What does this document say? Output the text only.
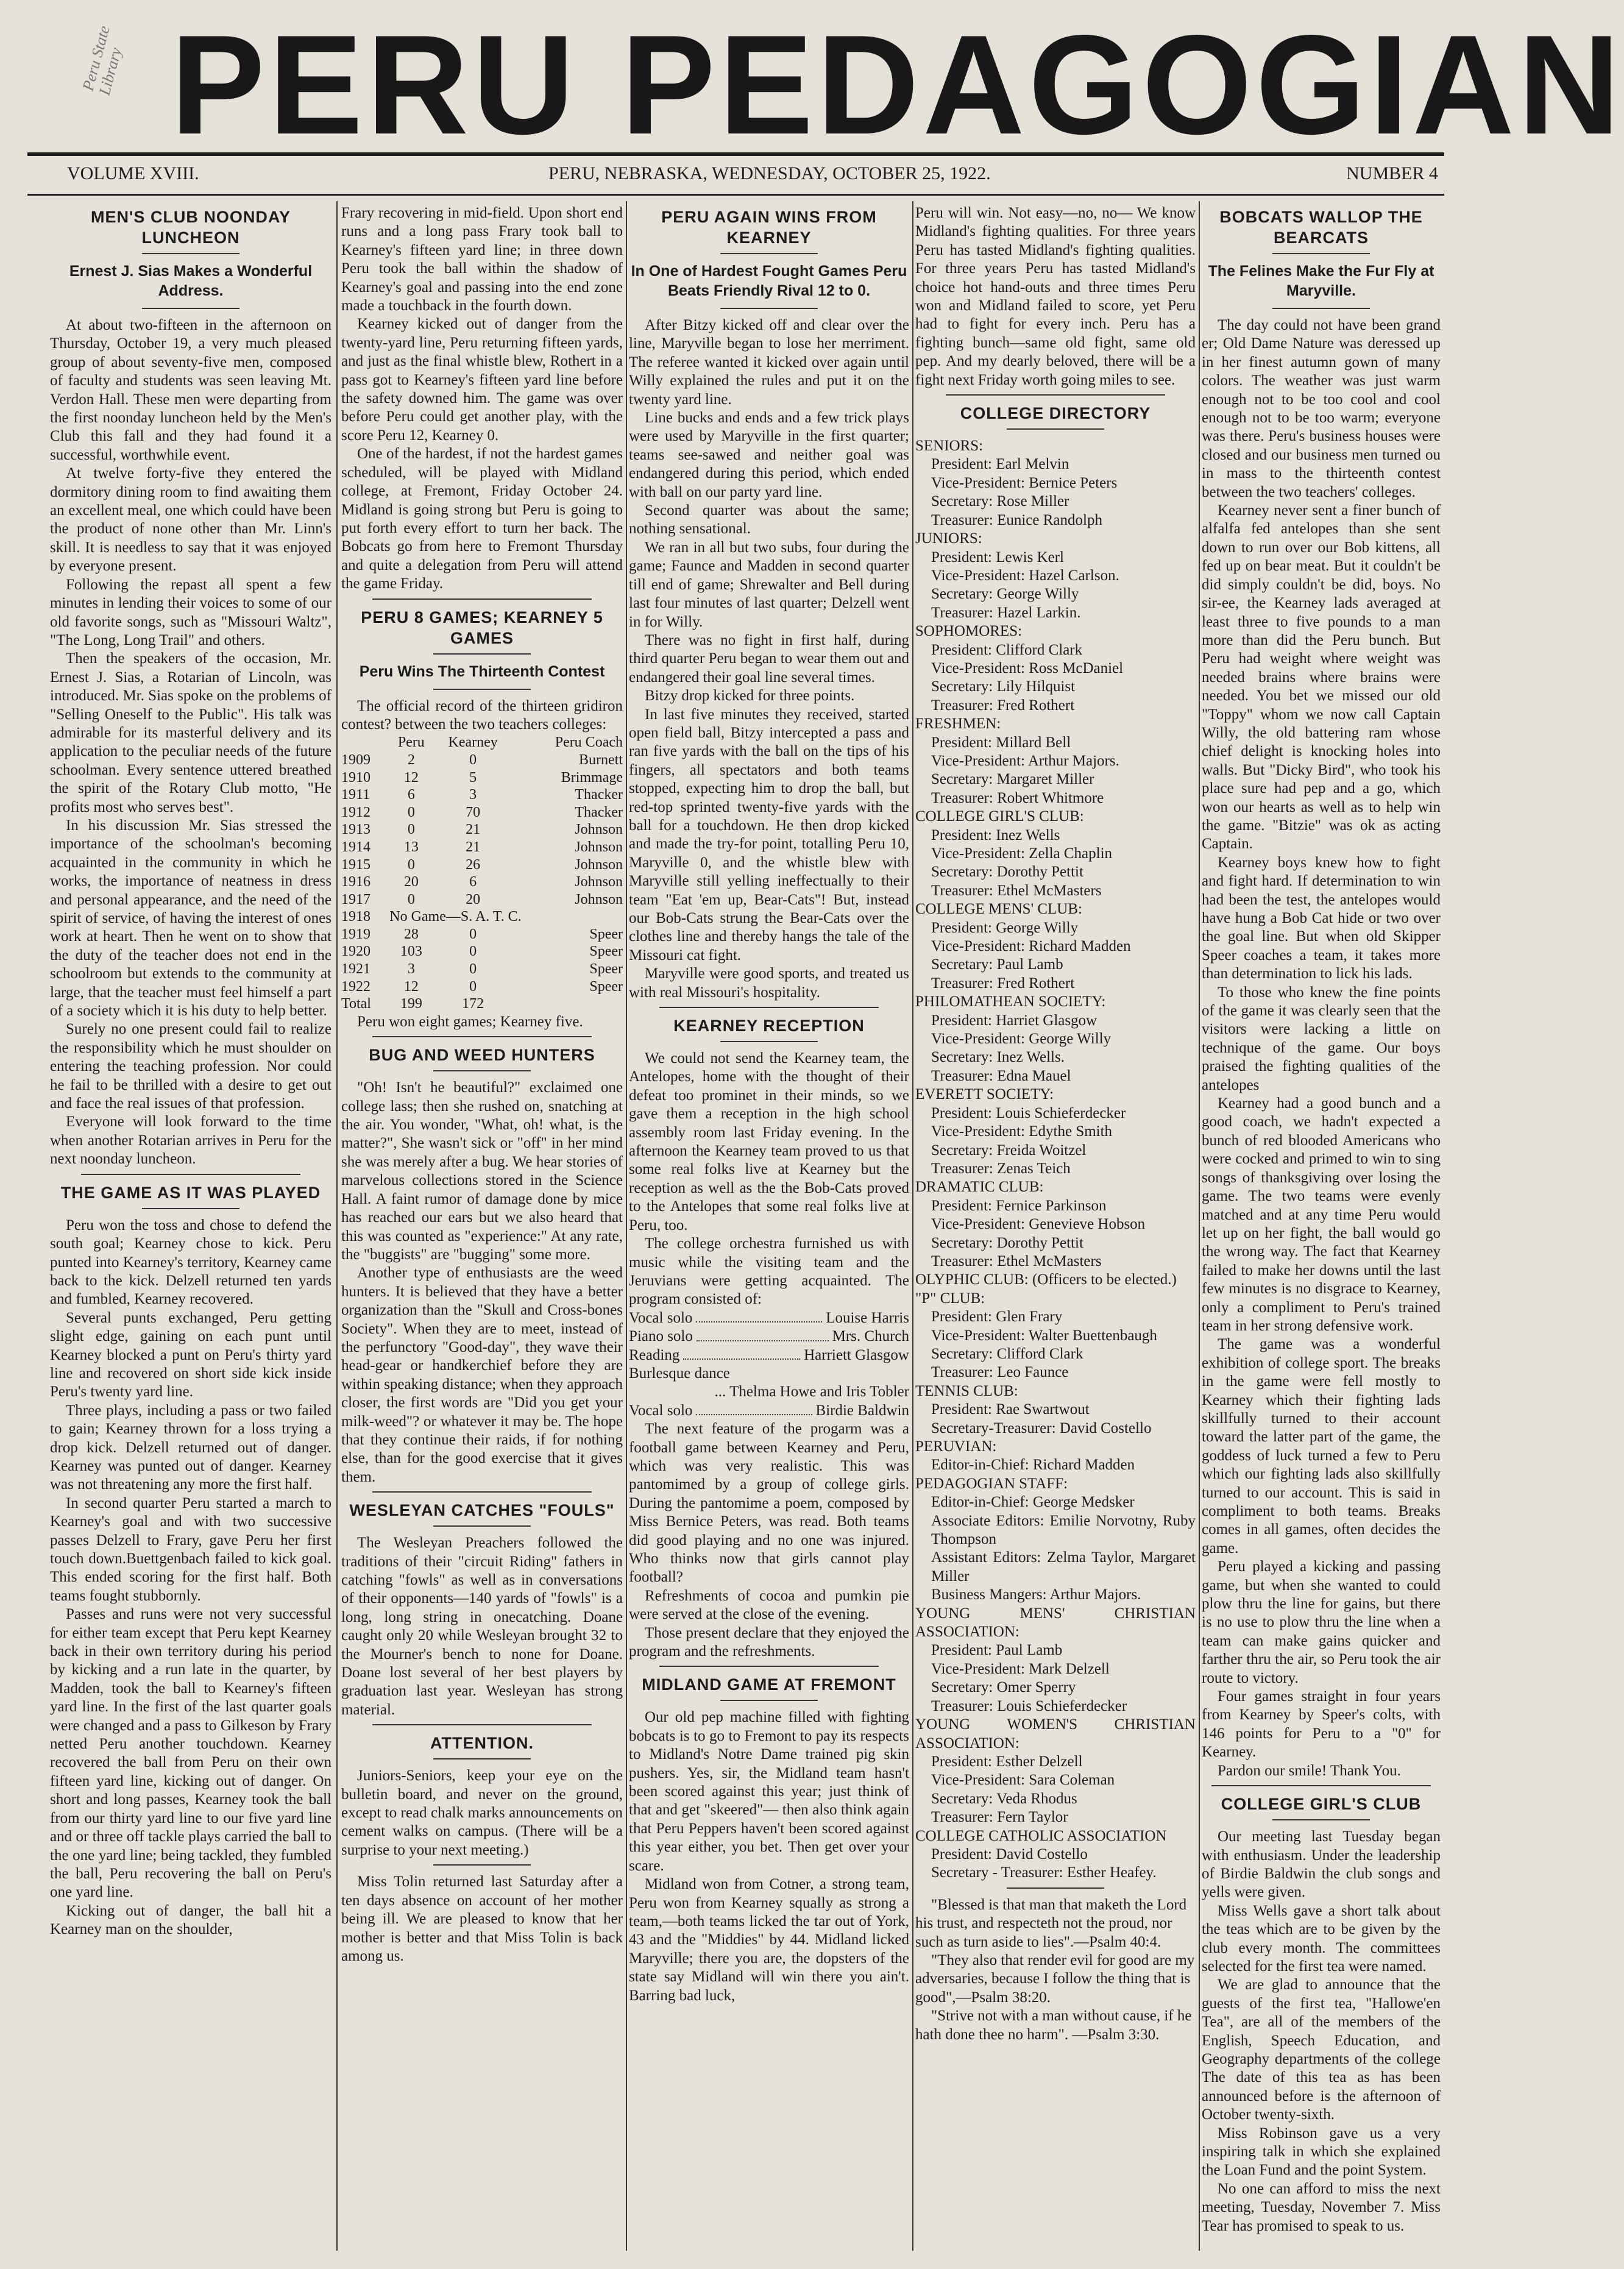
Peru State
Library PERU PEDAGOGIAN
VOLUME XVIII.	PERU, NEBRASKA, WEDNESDAY, OCTOBER 25, 1922.	NUMBER 4
MEN'S CLUB NOONDAY LUNCHEON
Ernest J. Sias Makes a Wonderful Address.

At about two-fifteen in the afternoon on Thursday, October 19, a very much pleased group of about seventy-five men, composed of faculty and students was seen leaving Mt. Verdon Hall. These men were departing from the first noonday luncheon held by the Men's Club this fall and they had found it a successful, worthwhile event.

At twelve forty-five they entered the dormitory dining room to find awaiting them an excellent meal, one which could have been the product of none other than Mr. Linn's skill. It is needless to say that it was enjoyed by everyone present.

Following the repast all spent a few minutes in lending their voices to some of our old favorite songs, such as "Missouri Waltz", "The Long, Long Trail" and others.

Then the speakers of the occasion, Mr. Ernest J. Sias, a Rotarian of Lincoln, was introduced. Mr. Sias spoke on the problems of "Selling Oneself to the Public". His talk was admirable for its masterful delivery and its application to the peculiar needs of the future schoolman. Every sentence uttered breathed the spirit of the Rotary Club motto, "He profits most who serves best".

In his discussion Mr. Sias stressed the importance of the schoolman's becoming acquainted in the community in which he works, the importance of neatness in dress and personal appearance, and the need of the spirit of service, of having the interest of ones work at heart. Then he went on to show that the duty of the teacher does not end in the schoolroom but extends to the community at large, that the teacher must feel himself a part of a society which it is his duty to help better.

Surely no one present could fail to realize the responsibility which he must shoulder on entering the teaching profession. Nor could he fail to be thrilled with a desire to get out and face the real issues of that profession.

Everyone will look forward to the time when another Rotarian arrives in Peru for the next noonday luncheon.

THE GAME AS IT WAS PLAYED

Peru won the toss and chose to defend the south goal; Kearney chose to kick. Peru punted into Kearney's territory, Kearney came back to the kick. Delzell returned ten yards and fumbled, Kearney recovered.

Several punts exchanged, Peru getting slight edge, gaining on each punt until Kearney blocked a punt on Peru's thirty yard line and recovered on short side kick inside Peru's twenty yard line.

Three plays, including a pass or two failed to gain; Kearney thrown for a loss trying a drop kick. Delzell returned out of danger. Kearney was punted out of danger. Kearney was not threatening any more the first half.

In second quarter Peru started a march to Kearney's goal and with two successive passes Delzell to Frary, gave Peru her first touch down.Buettgenbach failed to kick goal. This ended scoring for the first half. Both teams fought stubbornly.

Passes and runs were not very successful for either team except that Peru kept Kearney back in their own territory during his period by kicking and a run late in the quarter, by Madden, took the ball to Kearney's fifteen yard line. In the first of the last quarter goals were changed and a pass to Gilkeson by Frary netted Peru another touchdown. Kearney recovered the ball from Peru on their own fifteen yard line, kicking out of danger. On short and long passes, Kearney took the ball from our thirty yard line to our five yard line and or three off tackle plays carried the ball to the one yard line; being tackled, they fumbled the ball, Peru recovering the ball on Peru's one yard line.

Kicking out of danger, the ball hit a Kearney man on the shoulder,

Frary recovering in mid-field. Upon short end runs and a long pass Frary took ball to Kearney's fifteen yard line; in three down Peru took the ball within the shadow of Kearney's goal and passing into the end zone made a touchback in the fourth down.

Kearney kicked out of danger from the twenty-yard line, Peru returning fifteen yards, and just as the final whistle blew, Rothert in a pass got to Kearney's fifteen yard line before the safety downed him. The game was over before Peru could get another play, with the score Peru 12, Kearney 0.

One of the hardest, if not the hardest games scheduled, will be played with Midland college, at Fremont, Friday October 24. Midland is going strong but Peru is going to put forth every effort to turn her back. The Bobcats go from here to Fremont Thursday and quite a delegation from Peru will attend the game Friday.

PERU 8 GAMES; KEARNEY 5 GAMES
Peru Wins The Thirteenth Contest

The official record of the thirteen gridiron contest? between the two teachers colleges:

	Peru	Kearney	Peru Coach
1909	2	0	Burnett
1910	12	5	Brimmage
1911	6	3	Thacker
1912	0	70	Thacker
1913	0	21	Johnson
1914	13	21	Johnson
1915	0	26	Johnson
1916	20	6	Johnson
1917	0	20	Johnson
1918	No Game—S. A. T. C.		
1919	28	0	Speer
1920	103	0	Speer
1921	3	0	Speer
1922	12	0	Speer
Total	199	172	

Peru won eight games; Kearney five.

BUG AND WEED HUNTERS

"Oh! Isn't he beautiful?" exclaimed one college lass; then she rushed on, snatching at the air. You wonder, "What, oh! what, is the matter?", She wasn't sick or "off" in her mind she was merely after a bug. We hear stories of marvelous collections stored in the Science Hall. A faint rumor of damage done by mice has reached our ears but we also heard that this was counted as "experience:" At any rate, the "buggists" are "bugging" some more.

Another type of enthusiasts are the weed hunters. It is believed that they have a better organization than the "Skull and Cross-bones Society". When they are to meet, instead of the perfunctory "Good-day", they wave their head-gear or handkerchief before they are within speaking distance; when they approach closer, the first words are "Did you get your milk-weed"? or whatever it may be. The hope that they continue their raids, if for nothing else, than for the good exercise that it gives them.

WESLEYAN CATCHES "FOULS"

The Wesleyan Preachers followed the traditions of their "circuit Riding" fathers in catching "fowls" as well as in conversations of their opponents—140 yards of "fowls" is a long, long string in onecatching. Doane caught only 20 while Wesleyan brought 32 to the Mourner's bench to none for Doane. Doane lost several of her best players by graduation last year. Wesleyan has strong material.

ATTENTION.

Juniors-Seniors, keep your eye on the bulletin board, and never on the ground, except to read chalk marks announcements on cement walks on campus. (There will be a surprise to your next meeting.)

Miss Tolin returned last Saturday after a ten days absence on account of her mother being ill. We are pleased to know that her mother is better and that Miss Tolin is back among us.

PERU AGAIN WINS FROM KEARNEY
In One of Hardest Fought Games Peru Beats Friendly Rival 12 to 0.

After Bitzy kicked off and clear over the line, Maryville began to lose her merriment. The referee wanted it kicked over again until Willy explained the rules and put it on the twenty yard line.

Line bucks and ends and a few trick plays were used by Maryville in the first quarter; teams see-sawed and neither goal was endangered during this period, which ended with ball on our party yard line.

Second quarter was about the same; nothing sensational.

We ran in all but two subs, four during the game; Faunce and Madden in second quarter till end of game; Shrewalter and Bell during last four minutes of last quarter; Delzell went in for Willy.

There was no fight in first half, during third quarter Peru began to wear them out and endangered their goal line several times.

Bitzy drop kicked for three points.

In last five minutes they received, started open field ball, Bitzy intercepted a pass and ran five yards with the ball on the tips of his fingers, all spectators and both teams stopped, expecting him to drop the ball, but red-top sprinted twenty-five yards with the ball for a touchdown. He then drop kicked and made the try-for point, totalling Peru 10, Maryville 0, and the whistle blew with Maryville still yelling ineffectually to their team "Eat 'em up, Bear-Cats"! But, instead our Bob-Cats strung the Bear-Cats over the clothes line and thereby hangs the tale of the Missouri cat fight.

Maryville were good sports, and treated us with real Missouri's hospitality.

KEARNEY RECEPTION

We could not send the Kearney team, the Antelopes, home with the thought of their defeat too prominet in their minds, so we gave them a reception in the high school assembly room last Friday evening. In the afternoon the Kearney team proved to us that some real folks live at Kearney but the reception as well as the the Bob-Cats proved to the Antelopes that some real folks live at Peru, too.

The college orchestra furnished us with music while the visiting team and the Jeruvians were getting acquainted. The program consisted of:

Vocal solo	Louise Harris
Piano solo	Mrs. Church
Reading	Harriett Glasgow

Burlesque dance

... Thelma Howe and Iris Tobler

Vocal solo	Birdie Baldwin

The next feature of the progarm was a football game between Kearney and Peru, which was very realistic. This was pantomimed by a group of college girls. During the pantomime a poem, composed by Miss Bernice Peters, was read. Both teams did good playing and no one was injured. Who thinks now that girls cannot play football?

Refreshments of cocoa and pumkin pie were served at the close of the evening.

Those present declare that they enjoyed the program and the refreshments.

MIDLAND GAME AT FREMONT

Our old pep machine filled with fighting bobcats is to go to Fremont to pay its respects to Midland's Notre Dame trained pig skin pushers. Yes, sir, the Midland team hasn't been scored against this year; just think of that and get "skeered"— then also think again that Peru Peppers haven't been scored against this year either, you bet. Then get over your scare.

Midland won from Cotner, a strong team, Peru won from Kearney squally as strong a team,—both teams licked the tar out of York, 43 and the "Middies" by 44. Midland licked Maryville; there you are, the dopsters of the state say Midland will win there you ain't. Barring bad luck,

Peru will win. Not easy—no, no— We know Midland's fighting qualities. For three years Peru has tasted Midland's fighting qualities. For three years Peru has tasted Midland's choice hot hand-outs and three times Peru won and Midland failed to score, yet Peru had to fight for every inch. Peru has a fighting bunch—same old fight, same old pep. And my dearly beloved, there will be a fight next Friday worth going miles to see.

COLLEGE DIRECTORY

SENIORS:

President: Earl Melvin

Vice-President: Bernice Peters

Secretary: Rose Miller

Treasurer: Eunice Randolph

JUNIORS:

President: Lewis Kerl

Vice-President: Hazel Carlson.

Secretary: George Willy

Treasurer: Hazel Larkin.

SOPHOMORES:

President: Clifford Clark

Vice-President: Ross McDaniel

Secretary: Lily Hilquist

Treasurer: Fred Rothert

FRESHMEN:

President: Millard Bell

Vice-President: Arthur Majors.

Secretary: Margaret Miller

Treasurer: Robert Whitmore

COLLEGE GIRL'S CLUB:

President: Inez Wells

Vice-President: Zella Chaplin

Secretary: Dorothy Pettit

Treasurer: Ethel McMasters

COLLEGE MENS' CLUB:

President: George Willy

Vice-President: Richard Madden

Secretary: Paul Lamb

Treasurer: Fred Rothert

PHILOMATHEAN SOCIETY:

President: Harriet Glasgow

Vice-President: George Willy

Secretary: Inez Wells.

Treasurer: Edna Mauel

EVERETT SOCIETY:

President: Louis Schieferdecker

Vice-President: Edythe Smith

Secretary: Freida Woitzel

Treasurer: Zenas Teich

DRAMATIC CLUB:

President: Fernice Parkinson

Vice-President: Genevieve Hobson

Secretary: Dorothy Pettit

Treasurer: Ethel McMasters

OLYPHIC CLUB: (Officers to be elected.)

"P" CLUB:

President: Glen Frary

Vice-President: Walter Buettenbaugh

Secretary: Clifford Clark

Treasurer: Leo Faunce

TENNIS CLUB:

President: Rae Swartwout

Secretary-Treasurer: David Costello

PERUVIAN:

Editor-in-Chief: Richard Madden

PEDAGOGIAN STAFF:

Editor-in-Chief: George Medsker

Associate Editors: Emilie Norvotny, Ruby Thompson

Assistant Editors: Zelma Taylor, Margaret Miller

Business Mangers: Arthur Majors.

YOUNG MENS' CHRISTIAN ASSOCIATION:

President: Paul Lamb

Vice-President: Mark Delzell

Secretary: Omer Sperry

Treasurer: Louis Schieferdecker

YOUNG WOMEN'S CHRISTIAN ASSOCIATION:

President: Esther Delzell

Vice-President: Sara Coleman

Secretary: Veda Rhodus

Treasurer: Fern Taylor

COLLEGE CATHOLIC ASSOCIATION

President: David Costello

Secretary - Treasurer: Esther Heafey.

"Blessed is that man that maketh the Lord his trust, and respecteth not the proud, nor such as turn aside to lies".—Psalm 40:4.

"They also that render evil for good are my adversaries, because I follow the thing that is good",—Psalm 38:20.

"Strive not with a man without cause, if he hath done thee no harm". —Psalm 3:30.

BOBCATS WALLOP THE BEARCATS
The Felines Make the Fur Fly at Maryville.

The day could not have been grand er; Old Dame Nature was deressed up in her finest autumn gown of many colors. The weather was just warm enough not to be too cool and cool enough not to be too warm; everyone was there. Peru's business houses were closed and our business men turned ou in mass to the thirteenth contest between the two teachers' colleges.

Kearney never sent a finer bunch of alfalfa fed antelopes than she sent down to run over our Bob kittens, all fed up on bear meat. But it couldn't be did simply couldn't be did, boys. No sir-ee, the Kearney lads averaged at least three to five pounds to a man more than did the Peru bunch. But Peru had weight where weight was needed brains where brains were needed. You bet we missed our old "Toppy" whom we now call Captain Willy, the old battering ram whose chief delight is knocking holes into walls. But "Dicky Bird", who took his place sure had pep and a go, which won our hearts as well as to help win the game. "Bitzie" was ok as acting Captain.

Kearney boys knew how to fight and fight hard. If determination to win had been the test, the antelopes would have hung a Bob Cat hide or two over the goal line. But when old Skipper Speer coaches a team, it takes more than determination to lick his lads.

To those who knew the fine points of the game it was clearly seen that the visitors were lacking a little on technique of the game. Our boys praised the fighting qualities of the antelopes

Kearney had a good bunch and a good coach, we hadn't expected a bunch of red blooded Americans who were cocked and primed to win to sing songs of thanksgiving over losing the game. The two teams were evenly matched and at any time Peru would let up on her fight, the ball would go the wrong way. The fact that Kearney failed to make her downs until the last few minutes is no disgrace to Kearney, only a compliment to Peru's trained team in her strong defensive work.

The game was a wonderful exhibition of college sport. The breaks in the game were fell mostly to Kearney which their fighting lads skillfully turned to their account toward the latter part of the game, the goddess of luck turned a few to Peru which our fighting lads also skillfully turned to our account. This is said in compliment to both teams. Breaks comes in all games, often decides the game.

Peru played a kicking and passing game, but when she wanted to could plow thru the line for gains, but there is no use to plow thru the line when a team can make gains quicker and farther thru the air, so Peru took the air route to victory.

Four games straight in four years from Kearney by Speer's colts, with 146 points for Peru to a "0" for Kearney.

Pardon our smile! Thank You.

COLLEGE GIRL'S CLUB

Our meeting last Tuesday began with enthusiasm. Under the leadership of Birdie Baldwin the club songs and yells were given.

Miss Wells gave a short talk about the teas which are to be given by the club every month. The committees selected for the first tea were named.

We are glad to announce that the guests of the first tea, "Hallowe'en Tea", are all of the members of the English, Speech Education, and Geography departments of the college The date of this tea as has been announced before is the afternoon of October twenty-sixth.

Miss Robinson gave us a very inspiring talk in which she explained the Loan Fund and the point System.

No one can afford to miss the next meeting, Tuesday, November 7. Miss Tear has promised to speak to us.
